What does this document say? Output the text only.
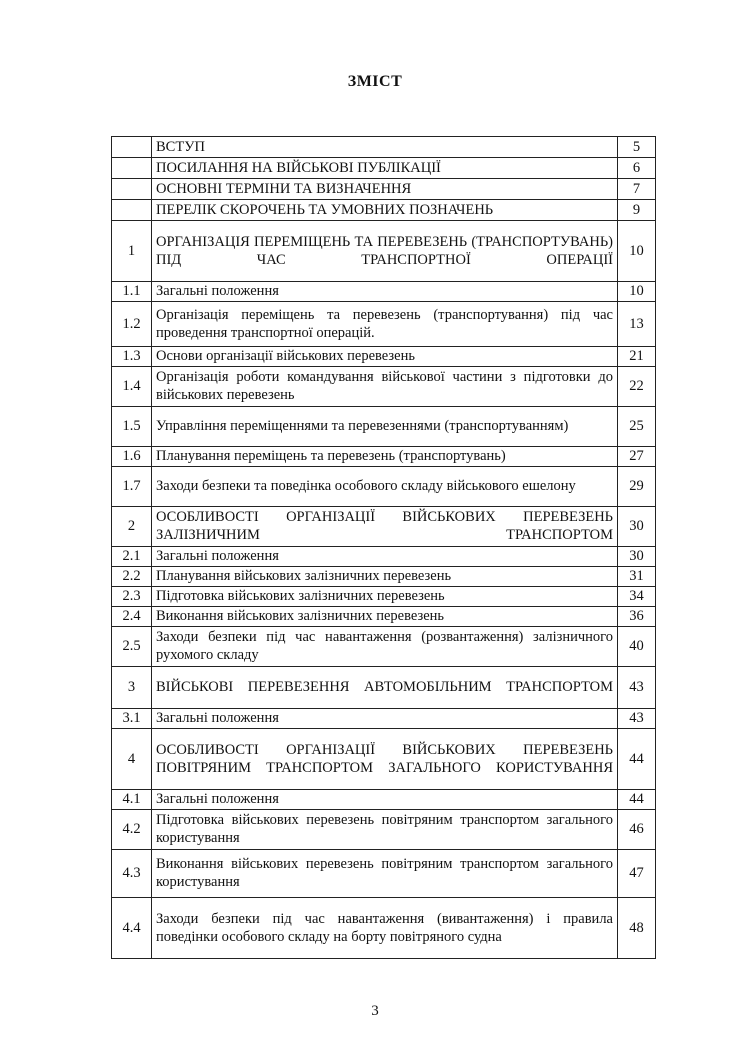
ЗМІСТ
	ВСТУП	5
	ПОСИЛАННЯ НА ВІЙСЬКОВІ ПУБЛІКАЦІЇ	6
	ОСНОВНІ ТЕРМІНИ ТА ВИЗНАЧЕННЯ	7
	ПЕРЕЛІК СКОРОЧЕНЬ ТА УМОВНИХ ПОЗНАЧЕНЬ	9
1	ОРГАНІЗАЦІЯ ПЕРЕМІЩЕНЬ ТА ПЕРЕВЕЗЕНЬ (ТРАНСПОРТУВАНЬ) ПІД ЧАС ТРАНСПОРТНОЇ ОПЕРАЦІЇ	10
1.1	Загальні положення	10
1.2	Організація переміщень та перевезень (транспортування) під час проведення транспортної операцій.	13
1.3	Основи організації військових перевезень	21
1.4	Організація роботи командування військової частини з підготовки до військових перевезень	22
1.5	Управління переміщеннями та перевезеннями (транспортуванням)	25
1.6	Планування переміщень та перевезень (транспортувань)	27
1.7	Заходи безпеки та поведінка особового складу військового ешелону	29
2	ОСОБЛИВОСТІ ОРГАНІЗАЦІЇ ВІЙСЬКОВИХ ПЕРЕВЕЗЕНЬ ЗАЛІЗНИЧНИМ ТРАНСПОРТОМ	30
2.1	Загальні положення	30
2.2	Планування військових залізничних перевезень	31
2.3	Підготовка військових залізничних перевезень	34
2.4	Виконання військових залізничних перевезень	36
2.5	Заходи безпеки під час навантаження (розвантаження) залізничного рухомого складу	40
3	ВІЙСЬКОВІ ПЕРЕВЕЗЕННЯ АВТОМОБІЛЬНИМ ТРАНСПОРТОМ	43
3.1	Загальні положення	43
4	ОСОБЛИВОСТІ ОРГАНІЗАЦІЇ ВІЙСЬКОВИХ ПЕРЕВЕЗЕНЬ ПОВІТРЯНИМ ТРАНСПОРТОМ ЗАГАЛЬНОГО КОРИСТУВАННЯ	44
4.1	Загальні положення	44
4.2	Підготовка військових перевезень повітряним транспортом загального користування	46
4.3	Виконання військових перевезень повітряним транспортом загального користування	47
4.4	Заходи безпеки під час навантаження (вивантаження) і правила поведінки особового складу на борту повітряного судна	48
3
